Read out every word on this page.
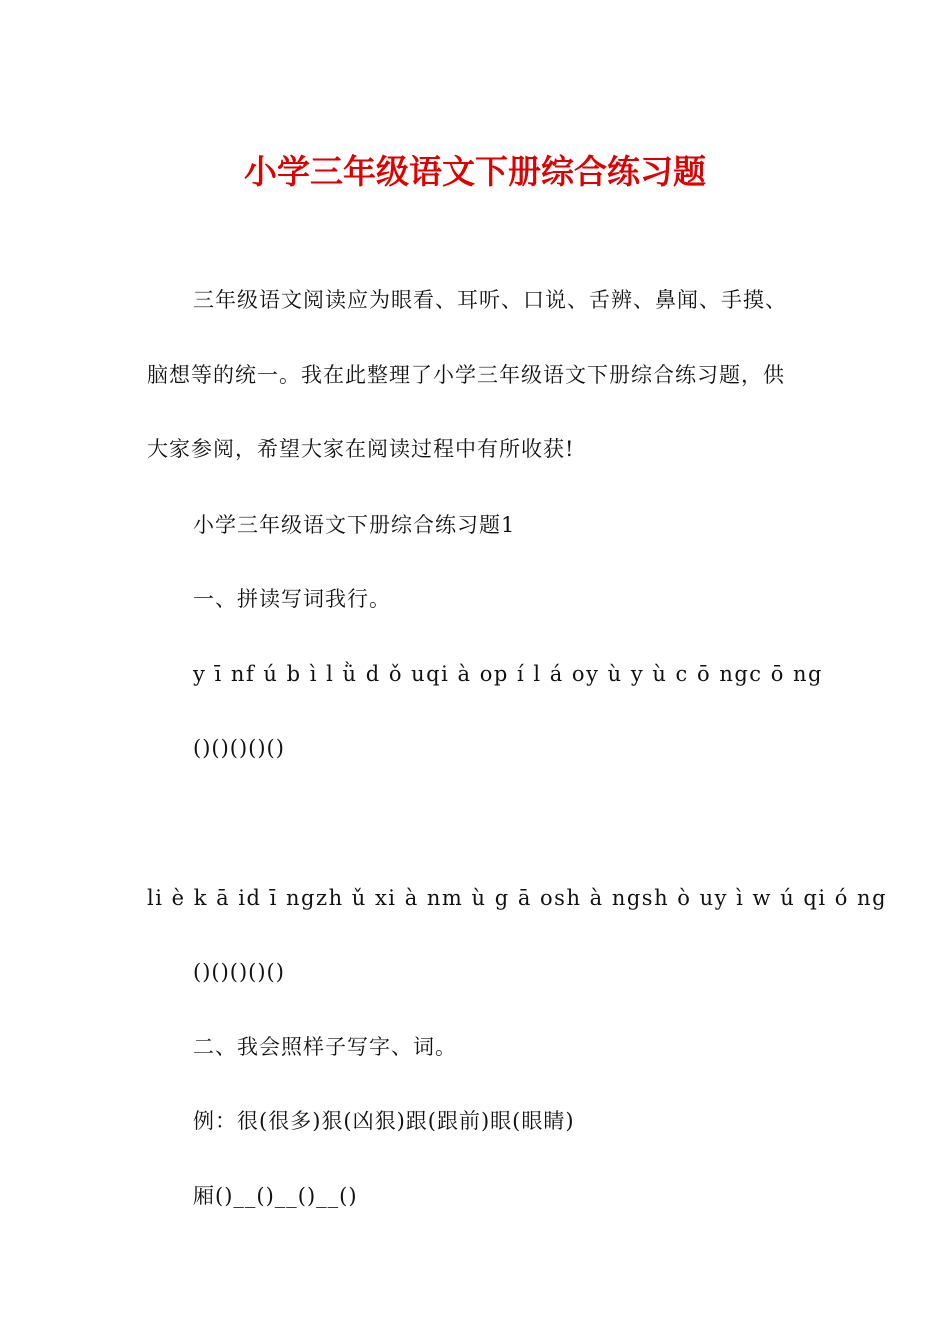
小学三年级语文下册综合练习题

三年级语文阅读应为眼看、耳听、口说、舌辨、鼻闻、手摸、脑想等的统一。我在此整理了小学三年级语文下册综合练习题，供大家参阅，希望大家在阅读过程中有所收获!

小学三年级语文下册综合练习题1

一、拼读写词我行。

y ī nf ú b ì l ǜ d ǒ uqi à op í l á oy ù y ù c ō ngc ō ng

()()()()()

li è k ā id ī ngzh ǔ xi à nm ù g ā osh à ngsh ò uy ì w ú qi ó ng

()()()()()

二、我会照样子写字、词。

例：很(很多)狠(凶狠)跟(跟前)眼(眼睛)

厢()__()__()__()
